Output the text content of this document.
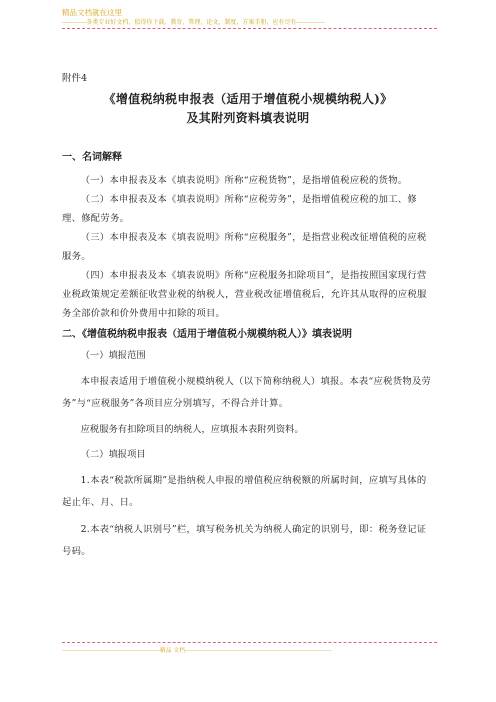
精品文档就在这里
------------各类专业好文档，值得你下载，教育，管理，论文，制度，方案手册，应有尽有--------------

附件4

《增值税纳税申报表（适用于增值税小规模纳税人)》

及其附列资料填表说明

一、名词解释

（一）本申报表及本《填表说明》所称“应税货物”，是指增值税应税的货物。

（二）本申报表及本《填表说明》所称“应税劳务”，是指增值税应税的加工、修理、修配劳务。

（三）本申报表及本《填表说明》所称“应税服务”，是指营业税改征增值税的应税服务。

（四）本申报表及本《填表说明》所称“应税服务扣除项目”，是指按照国家现行营业税政策规定差额征收营业税的纳税人，营业税改征增值税后，允许其从取得的应税服务全部价款和价外费用中扣除的项目。

二、《增值税纳税申报表（适用于增值税小规模纳税人）》填表说明

（一）填报范围

本申报表适用于增值税小规模纳税人（以下简称纳税人）填报。本表“应税货物及劳务”与“应税服务”各项目应分别填写，不得合并计算。

应税服务有扣除项目的纳税人，应填报本表附列资料。

（二）填报项目

1.本表“税款所属期”是指纳税人申报的增值税应纳税额的所属时间，应填写具体的起止年、月、日。

2.本表“纳税人识别号”栏，填写税务机关为纳税人确定的识别号，即：税务登记证号码。

--------------------------------------------------精品 文档---------------------------------------------------------------------------
